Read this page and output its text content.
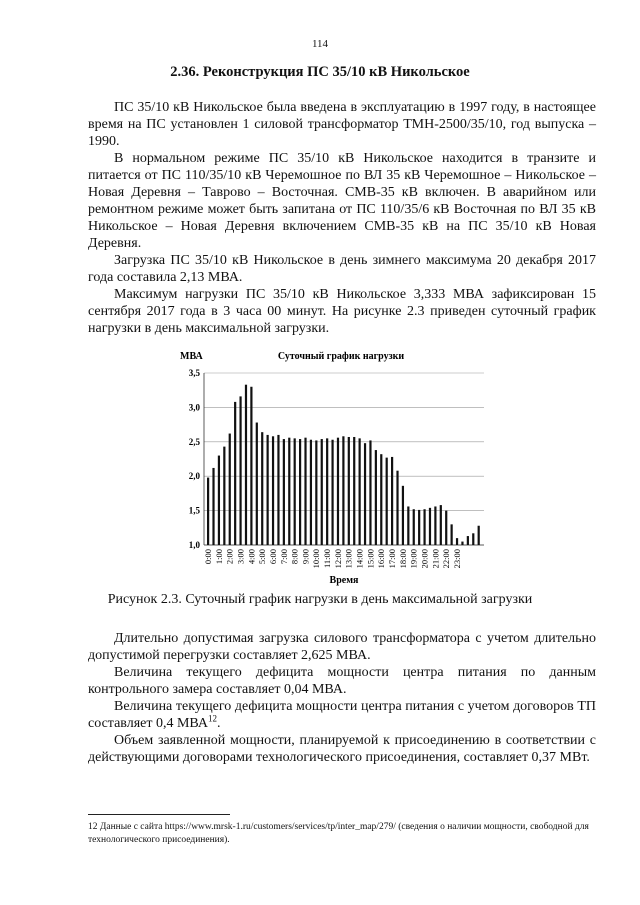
114
2.36. Реконструкция ПС 35/10 кВ Никольское

ПС 35/10 кВ Никольское была введена в эксплуатацию в 1997 году, в настоящее время на ПС установлен 1 силовой трансформатор ТМН-2500/35/10, год выпуска – 1990.

В нормальном режиме ПС 35/10 кВ Никольское находится в транзите и питается от ПС 110/35/10 кВ Черемошное по ВЛ 35 кВ Черемошное – Никольское – Новая Деревня – Таврово – Восточная. СМВ-35 кВ включен. В аварийном или ремонтном режиме может быть запитана от ПС 110/35/6 кВ Восточная по ВЛ 35 кВ Никольское – Новая Деревня включением СМВ-35 кВ на ПС 35/10 кВ Новая Деревня.

Загрузка ПС 35/10 кВ Никольское в день зимнего максимума 20 декабря 2017 года составила 2,13 МВА.

Максимум нагрузки ПС 35/10 кВ Никольское 3,333 МВА зафиксирован 15 сентября 2017 года в 3 часа 00 минут. На рисунке 2.3 приведен суточный график нагрузки в день максимальной загрузки.

МВА	Суточный график нагрузки
1,0
1,5
2,0
2,5
3,0
3,5
0:00 1:00 2:00 3:00 4:00 5:00 6:00 7:00 8:00 9:00 10:00 11:00 12:00 13:00 14:00 15:00 16:00 17:00 18:00 19:00 20:00 21:00 22:00 23:00
Время
Рисунок 2.3. Суточный график нагрузки в день максимальной загрузки

Длительно допустимая загрузка силового трансформатора с учетом длительно допустимой перегрузки составляет 2,625 МВА.

Величина текущего дефицита мощности центра питания по данным контрольного замера составляет 0,04 МВА.

Величина текущего дефицита мощности центра питания с учетом договоров ТП составляет 0,4 МВА$^{12}$.

Объем заявленной мощности, планируемой к присоединению в соответствии с действующими договорами технологического присоединения, составляет 0,37 МВт.

12 Данные с сайта https://www.mrsk-1.ru/customers/services/tp/inter_map/279/ (сведения о наличии мощности, свободной для технологического присоединения).
